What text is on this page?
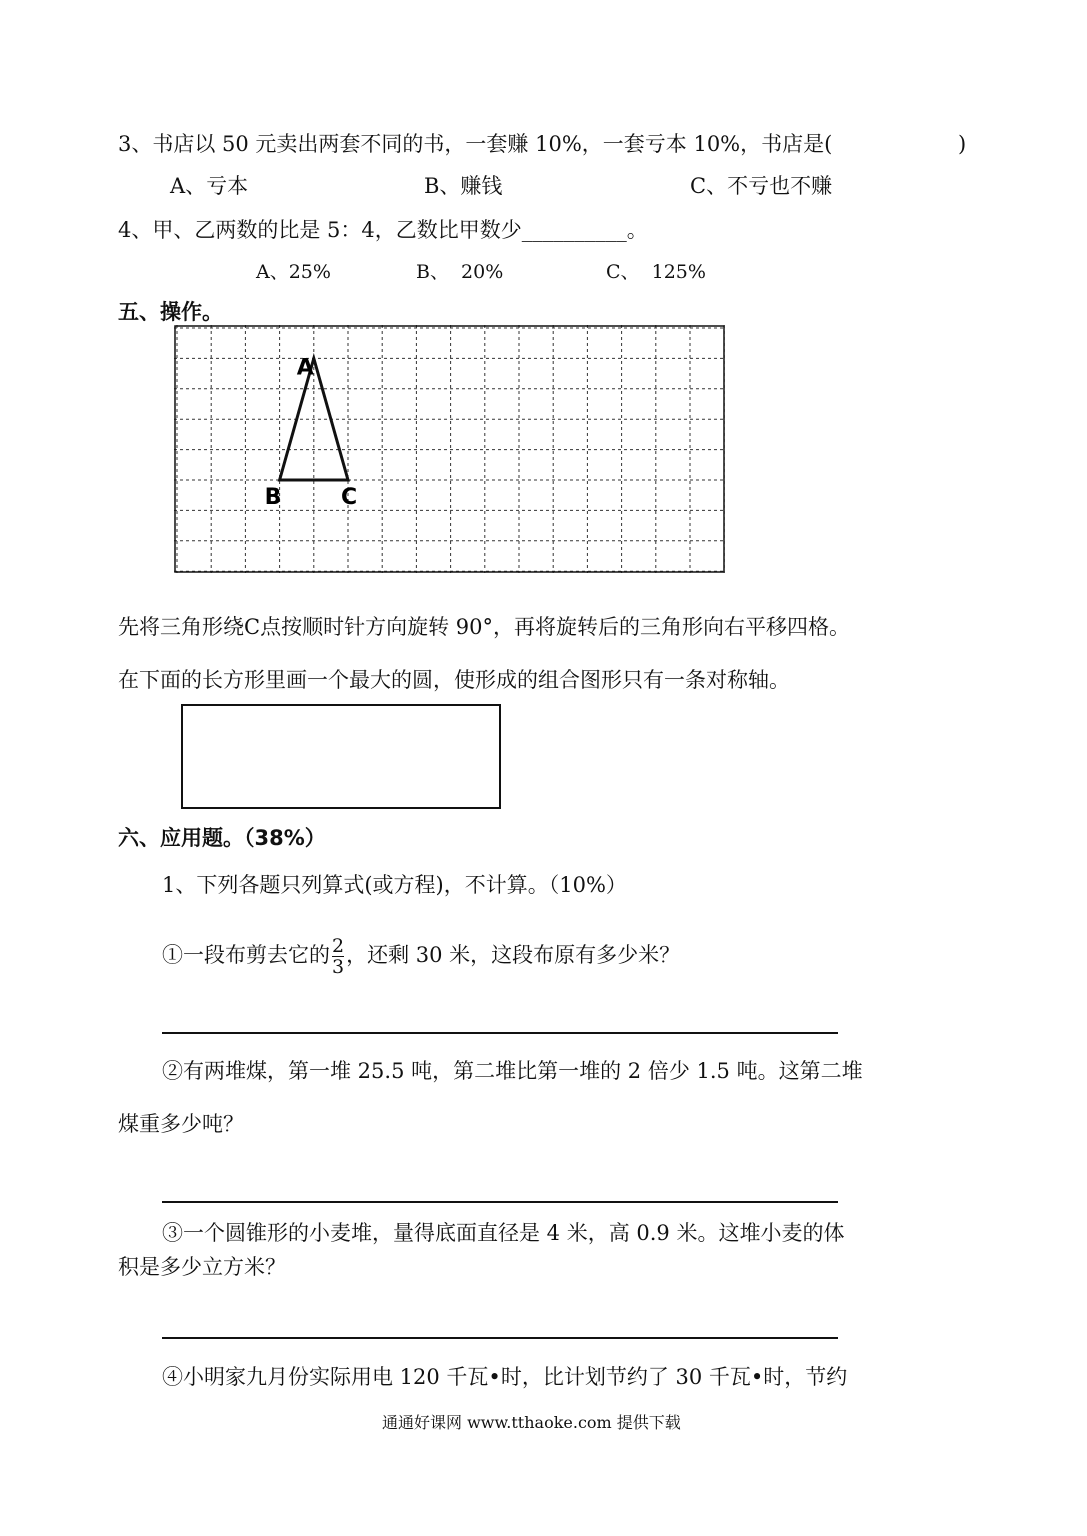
3、书店以 50 元卖出两套不同的书，一套赚 10%，一套亏本 10%，书店是(	)
A、亏本	B、赚钱	C、不亏也不赚
4、甲、乙两数的比是 5：4，乙数比甲数少__________。
A、25%	B、  20%	C、  125%
五、操作。
A
B	C
先将三角形绕C点按顺时针方向旋转 90°，再将旋转后的三角形向右平移四格。
在下面的长方形里画一个最大的圆，使形成的组合图形只有一条对称轴。
六、应用题。（38%）
1、下列各题只列算式(或方程)，不计算。（10%）
①一段布剪去它的 $\frac{2}{3}$ ，还剩 30 米，这段布原有多少米？
②有两堆煤，第一堆 25.5 吨，第二堆比第一堆的 2 倍少 1.5 吨。这第二堆
煤重多少吨？
③一个圆锥形的小麦堆，量得底面直径是 4 米，高 0.9 米。这堆小麦的体
积是多少立方米？
④小明家九月份实际用电 120 千瓦•时，比计划节约了 30 千瓦•时，节约
通通好课网 www.tthaoke.com 提供下载
